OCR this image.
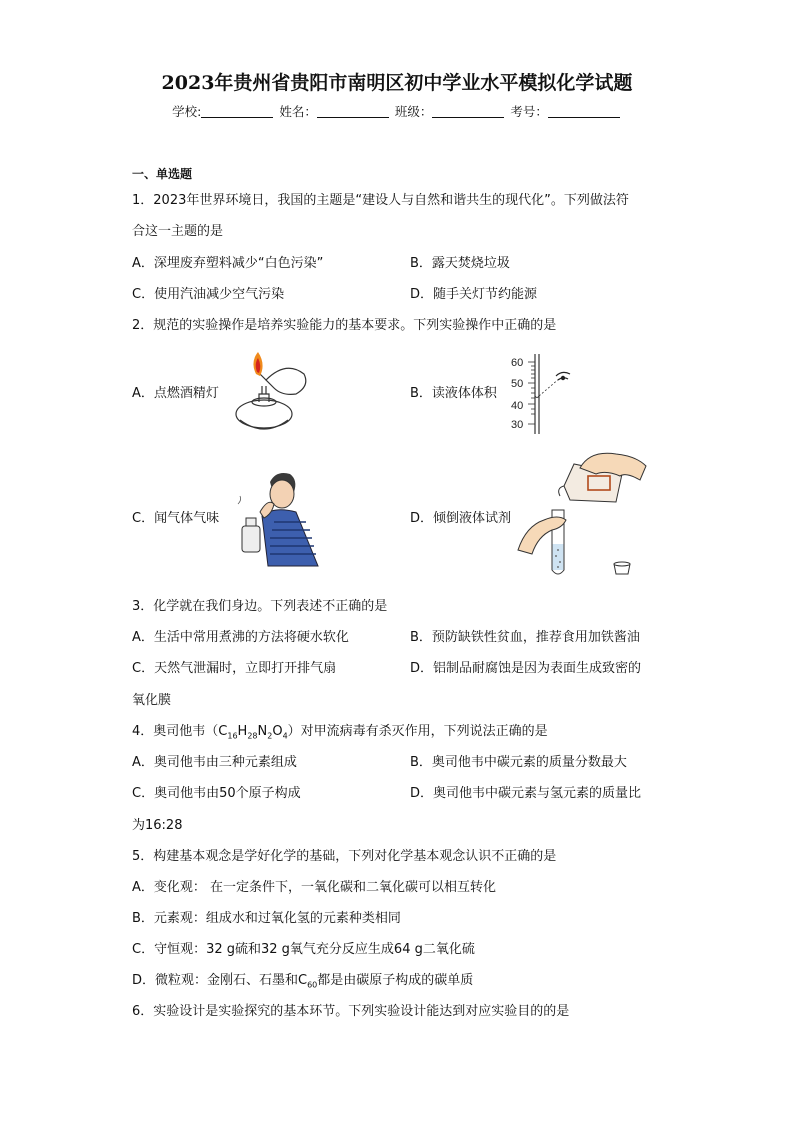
2023年贵州省贵阳市南明区初中学业水平模拟化学试题
学校:	姓名：	班级：	考号：
一、单选题
1．2023年世界环境日，我国的主题是“建设人与自然和谐共生的现代化”。下列做法符
合这一主题的是
A．深埋废弃塑料减少“白色污染”	B．露天焚烧垃圾
C．使用汽油减少空气污染	D．随手关灯节约能源
2．规范的实验操作是培养实验能力的基本要求。下列实验操作中正确的是
A．点燃酒精灯	B．读液体体积
60
50
40
30
C．闻气体气味	D．倾倒液体试剂
3．化学就在我们身边。下列表述不正确的是
A．生活中常用煮沸的方法将硬水软化	B．预防缺铁性贫血，推荐食用加铁酱油
C．天然气泄漏时，立即打开排气扇	D．铝制品耐腐蚀是因为表面生成致密的
氧化膜
4．奥司他韦$(C_{16}H_{28}N_2O_4)$对甲流病毒有杀灭作用，下列说法正确的是
A．奥司他韦由三种元素组成	B．奥司他韦中碳元素的质量分数最大
C．奥司他韦由50个原子构成	D．奥司他韦中碳元素与氢元素的质量比
为16:28
5．构建基本观念是学好化学的基础，下列对化学基本观念认识不正确的是
A．变化观： 在一定条件下，一氧化碳和二氧化碳可以相互转化
B．元素观：组成水和过氧化氢的元素种类相同
C．守恒观：32 g硫和32 g氧气充分反应生成64 g二氧化硫
D．微粒观：金刚石、石墨和$C_{60}$都是由碳原子构成的碳单质
6．实验设计是实验探究的基本环节。下列实验设计能达到对应实验目的的是
